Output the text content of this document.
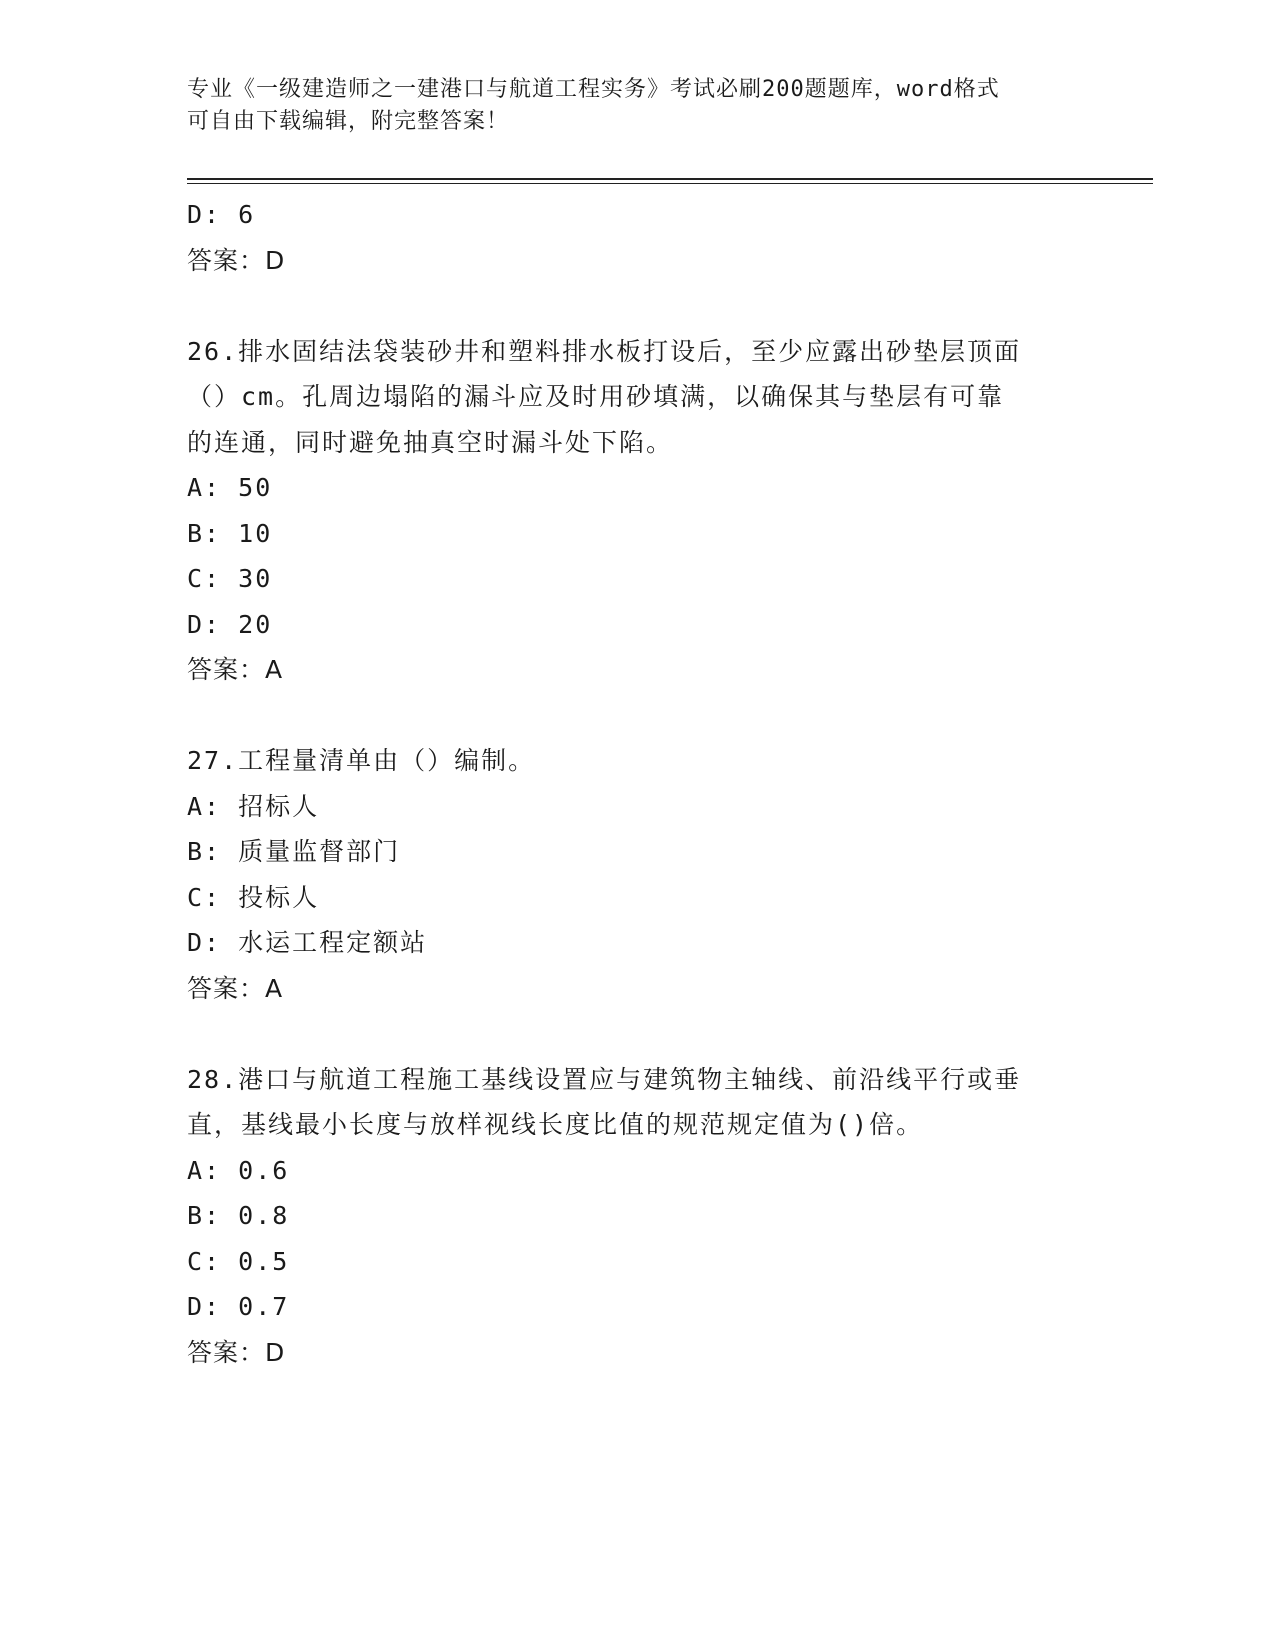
专业《一级建造师之一建港口与航道工程实务》考试必刷200题题库，word格式
可自由下载编辑，附完整答案！
D: 6
答案：D
26.排水固结法袋装砂井和塑料排水板打设后，至少应露出砂垫层顶面
（）cm。孔周边塌陷的漏斗应及时用砂填满，以确保其与垫层有可靠
的连通，同时避免抽真空时漏斗处下陷。
A: 50
B: 10
C: 30
D: 20
答案：A
27.工程量清单由（）编制。
A: 招标人
B: 质量监督部门
C: 投标人
D: 水运工程定额站
答案：A
28.港口与航道工程施工基线设置应与建筑物主轴线、前沿线平行或垂
直，基线最小长度与放样视线长度比值的规范规定值为()倍。
A: 0.6
B: 0.8
C: 0.5
D: 0.7
答案：D
